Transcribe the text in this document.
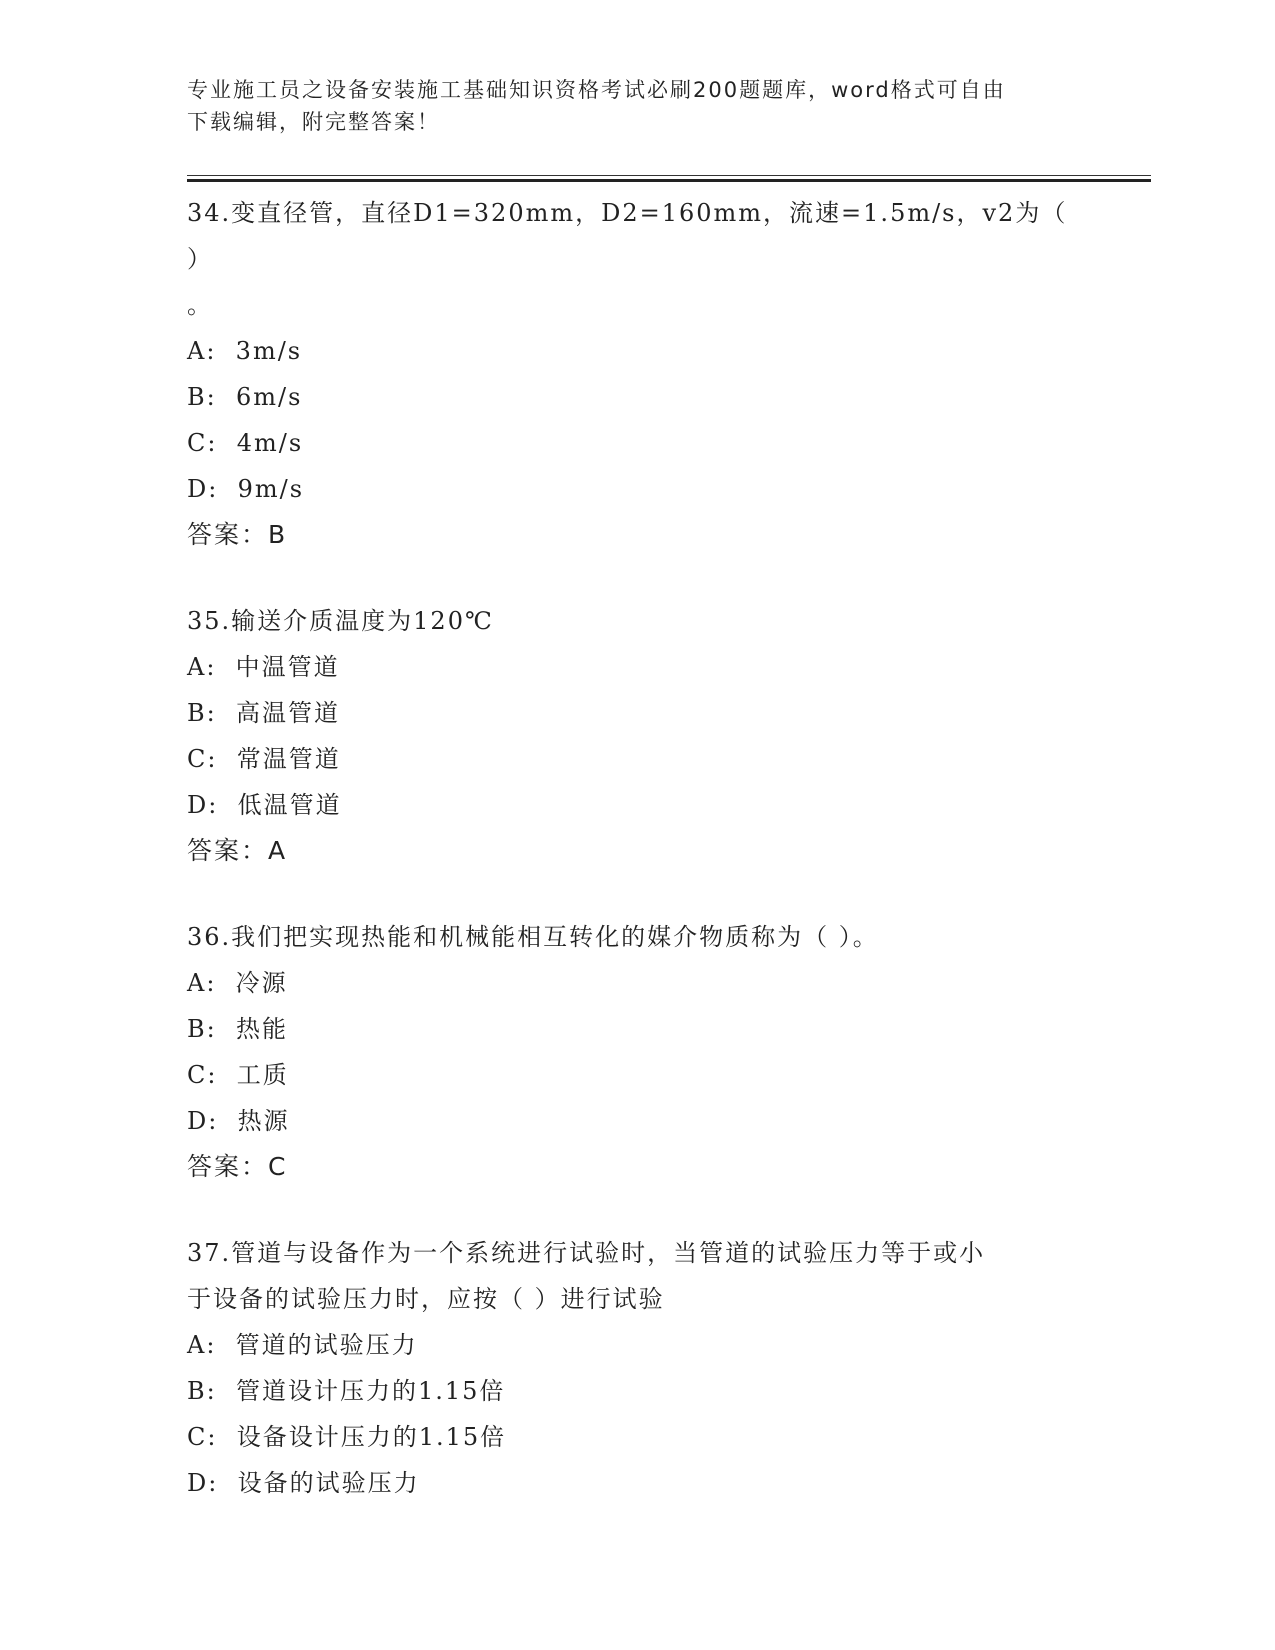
专业施工员之设备安装施工基础知识资格考试必刷200题题库，word格式可自由
下载编辑，附完整答案！

34.变直径管，直径D1=320mm，D2=160mm，流速=1.5m/s，v2为（ ）
。

A:  3m/s

B:  6m/s

C:  4m/s

D:  9m/s

答案：B

35.输送介质温度为120℃

A:  中温管道

B:  高温管道

C:  常温管道

D:  低温管道

答案：A

36.我们把实现热能和机械能相互转化的媒介物质称为（ ）。

A:  冷源

B:  热能

C:  工质

D:  热源

答案：C

37.管道与设备作为一个系统进行试验时，当管道的试验压力等于或小
于设备的试验压力时，应按（ ）进行试验

A:  管道的试验压力

B:  管道设计压力的1.15倍

C:  设备设计压力的1.15倍

D:  设备的试验压力
